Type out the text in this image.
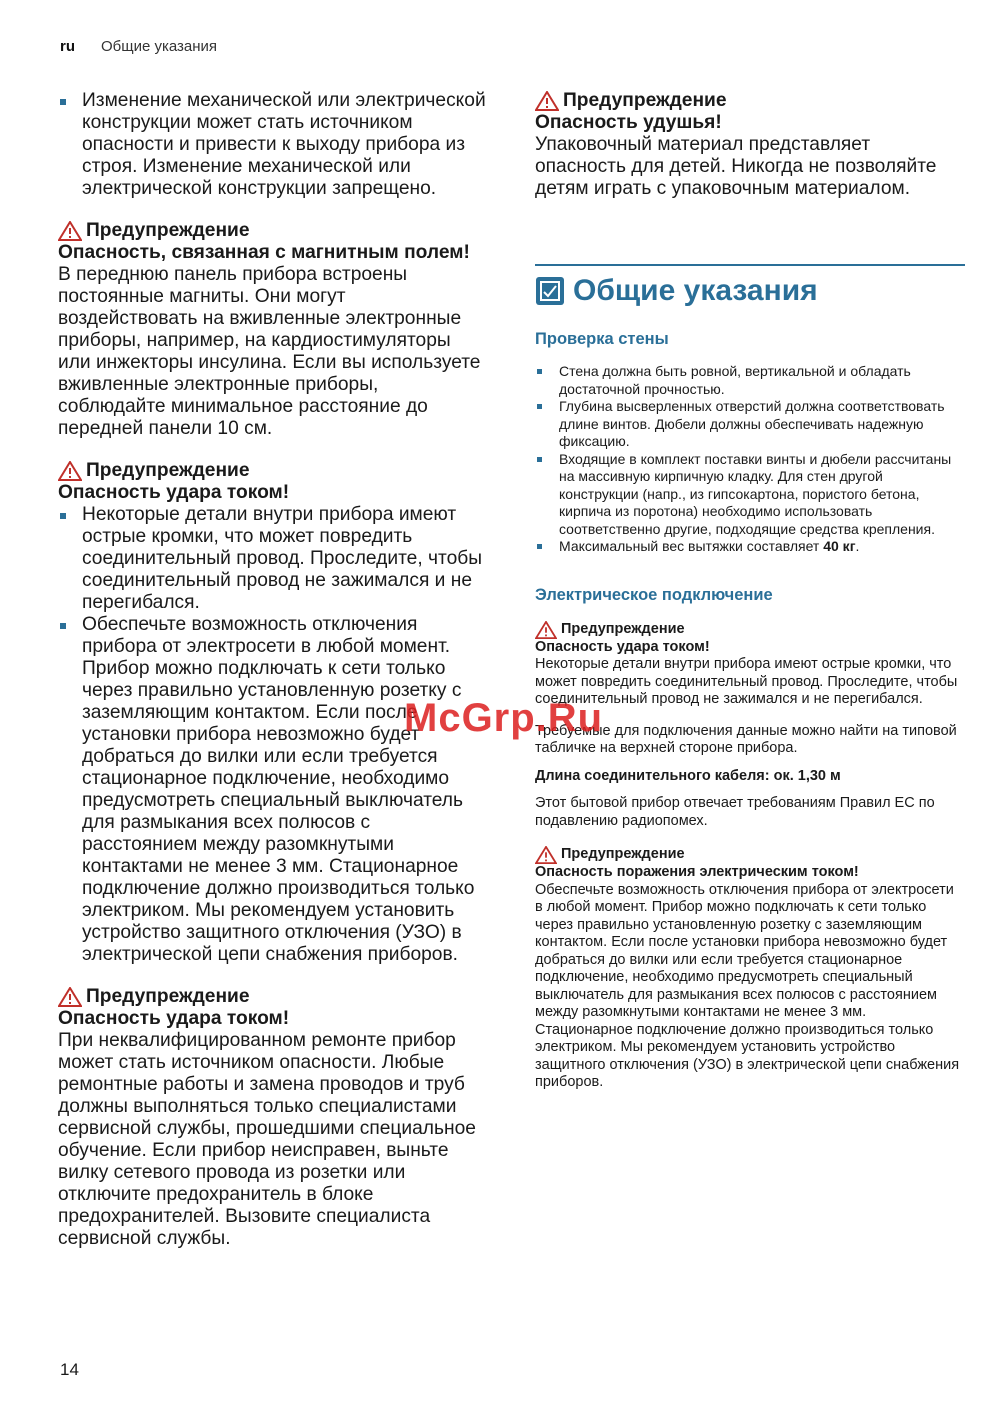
ru Общие указания

Изменение механической или электрической конструкции может стать источником опасности и привести к выходу прибора из строя. Изменение механической или электрической конструкции запрещено.

Предупреждение

Опасность, связанная с магнитным полем!

В переднюю панель прибора встроены постоянные магниты. Они могут воздействовать на вживленные электронные приборы, например, на кардиостимуляторы или инжекторы инсулина. Если вы используете вживленные электронные приборы, соблюдайте минимальное расстояние до передней панели 10 см.

Предупреждение

Опасность удара током!

Некоторые детали внутри прибора имеют острые кромки, что может повредить соединительный провод. Проследите, чтобы соединительный провод не зажимался и не перегибался.

Обеспечьте возможность отключения прибора от электросети в любой момент. Прибор можно подключать к сети только через правильно установленную розетку с заземляющим контактом. Если после установки прибора невозможно будет добраться до вилки или если требуется стационарное подключение, необходимо предусмотреть специальный выключатель для размыкания всех полюсов с расстоянием между разомкнутыми контактами не менее 3 мм. Стационарное подключение должно производиться только электриком. Мы рекомендуем установить устройство защитного отключения (УЗО) в электрической цепи снабжения приборов.

Предупреждение

Опасность удара током!

При неквалифицированном ремонте прибор может стать источником опасности. Любые ремонтные работы и замена проводов и труб должны выполняться только специалистами сервисной службы, прошедшими специальное обучение. Если прибор неисправен, выньте вилку сетевого провода из розетки или отключите предохранитель в блоке предохранителей. Вызовите специалиста сервисной службы.

Предупреждение

Опасность удушья!

Упаковочный материал представляет опасность для детей. Никогда не позволяйте детям играть с упаковочным материалом.

Общие указания
Проверка стены

Стена должна быть ровной, вертикальной и обладать достаточной прочностью.

Глубина высверленных отверстий должна соответствовать длине винтов. Дюбели должны обеспечивать надежную фиксацию.

Входящие в комплект поставки винты и дюбели рассчитаны на массивную кирпичную кладку. Для стен другой конструкции (напр., из гипсокартона, пористого бетона, кирпича из поротона) необходимо использовать соответственно другие, подходящие средства крепления.

Максимальный вес вытяжки составляет 40 кг.

Электрическое подключение
Предупреждение

Опасность удара током!

Некоторые детали внутри прибора имеют острые кромки, что может повредить соединительный провод. Проследите, чтобы соединительный провод не зажимался и не перегибался.

Требуемые для подключения данные можно найти на типовой табличке на верхней стороне прибора.

Длина соединительного кабеля: ок. 1,30 м

Этот бытовой прибор отвечает требованиям Правил ЕС по подавлению радиопомех.

Предупреждение

Опасность поражения электрическим током!

Обеспечьте возможность отключения прибора от электросети в любой момент. Прибор можно подключать к сети только через правильно установленную розетку с заземляющим контактом. Если после установки прибора невозможно будет добраться до вилки или если требуется стационарное подключение, необходимо предусмотреть специальный выключатель для размыкания всех полюсов с расстоянием между разомкнутыми контактами не менее 3 мм. Стационарное подключение должно производиться только электриком. Мы рекомендуем установить устройство защитного отключения (УЗО) в электрической цепи снабжения приборов.

McGrp.Ru
14
